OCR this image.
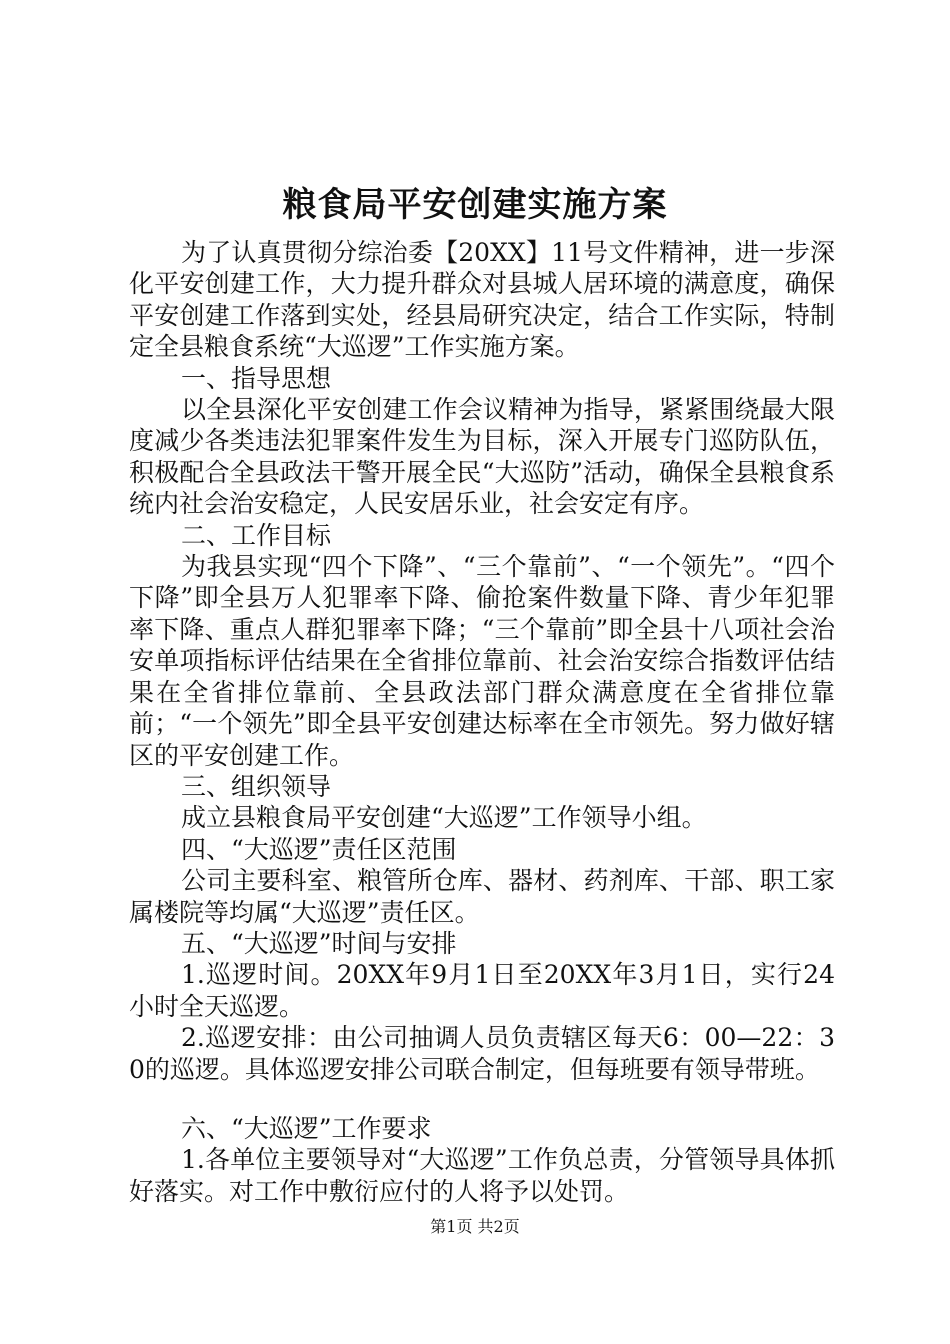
粮食局平安创建实施方案

为了认真贯彻分综治委【20XX】11号文件精神，进一步深化平安创建工作，大力提升群众对县城人居环境的满意度，确保平安创建工作落到实处，经县局研究决定，结合工作实际，特制定全县粮食系统“大巡逻”工作实施方案。

一、指导思想

以全县深化平安创建工作会议精神为指导，紧紧围绕最大限度减少各类违法犯罪案件发生为目标，深入开展专门巡防队伍，积极配合全县政法干警开展全民“大巡防”活动，确保全县粮食系统内社会治安稳定，人民安居乐业，社会安定有序。

二、工作目标

为我县实现“四个下降”、“三个靠前”、“一个领先”。“四个下降”即全县万人犯罪率下降、偷抢案件数量下降、青少年犯罪率下降、重点人群犯罪率下降；“三个靠前”即全县十八项社会治安单项指标评估结果在全省排位靠前、社会治安综合指数评估结果在全省排位靠前、全县政法部门群众满意度在全省排位靠前；“一个领先”即全县平安创建达标率在全市领先。努力做好辖区的平安创建工作。

三、组织领导

成立县粮食局平安创建“大巡逻”工作领导小组。

四、“大巡逻”责任区范围

公司主要科室、粮管所仓库、器材、药剂库、干部、职工家属楼院等均属“大巡逻”责任区。

五、“大巡逻”时间与安排

1.巡逻时间。20XX年9月1日至20XX年3月1日，实行24小时全天巡逻。

2.巡逻安排：由公司抽调人员负责辖区每天6：00—22：30的巡逻。具体巡逻安排公司联合制定，但每班要有领导带班。

六、“大巡逻”工作要求

1.各单位主要领导对“大巡逻”工作负总责，分管领导具体抓好落实。对工作中敷衍应付的人将予以处罚。

第1页 共2页
